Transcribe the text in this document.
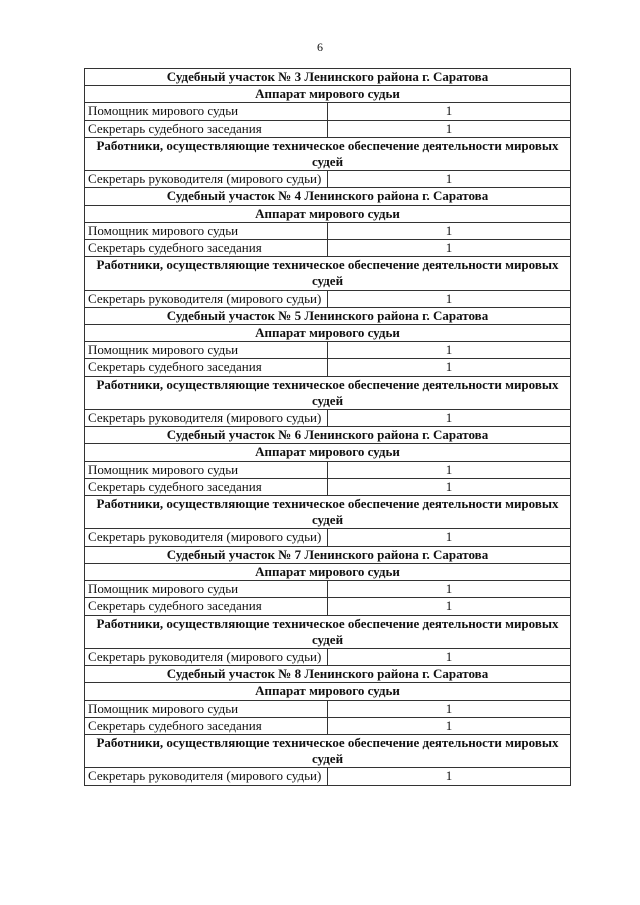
6
Судебный участок № 3 Ленинского района г. Саратова	
Аппарат мирового судьи	
Помощник мирового судьи	1
Секретарь судебного заседания	1
Работники, осуществляющие техническое обеспечение деятельности мировых судей	
Секретарь руководителя (мирового судьи)	1
Судебный участок № 4 Ленинского района г. Саратова	
Аппарат мирового судьи	
Помощник мирового судьи	1
Секретарь судебного заседания	1
Работники, осуществляющие техническое обеспечение деятельности мировых судей	
Секретарь руководителя (мирового судьи)	1
Судебный участок № 5 Ленинского района г. Саратова	
Аппарат мирового судьи	
Помощник мирового судьи	1
Секретарь судебного заседания	1
Работники, осуществляющие техническое обеспечение деятельности мировых судей	
Секретарь руководителя (мирового судьи)	1
Судебный участок № 6 Ленинского района г. Саратова	
Аппарат мирового судьи	
Помощник мирового судьи	1
Секретарь судебного заседания	1
Работники, осуществляющие техническое обеспечение деятельности мировых судей	
Секретарь руководителя (мирового судьи)	1
Судебный участок № 7 Ленинского района г. Саратова	
Аппарат мирового судьи	
Помощник мирового судьи	1
Секретарь судебного заседания	1
Работники, осуществляющие техническое обеспечение деятельности мировых судей	
Секретарь руководителя (мирового судьи)	1
Судебный участок № 8 Ленинского района г. Саратова	
Аппарат мирового судьи	
Помощник мирового судьи	1
Секретарь судебного заседания	1
Работники, осуществляющие техническое обеспечение деятельности мировых судей	
Секретарь руководителя (мирового судьи)	1
